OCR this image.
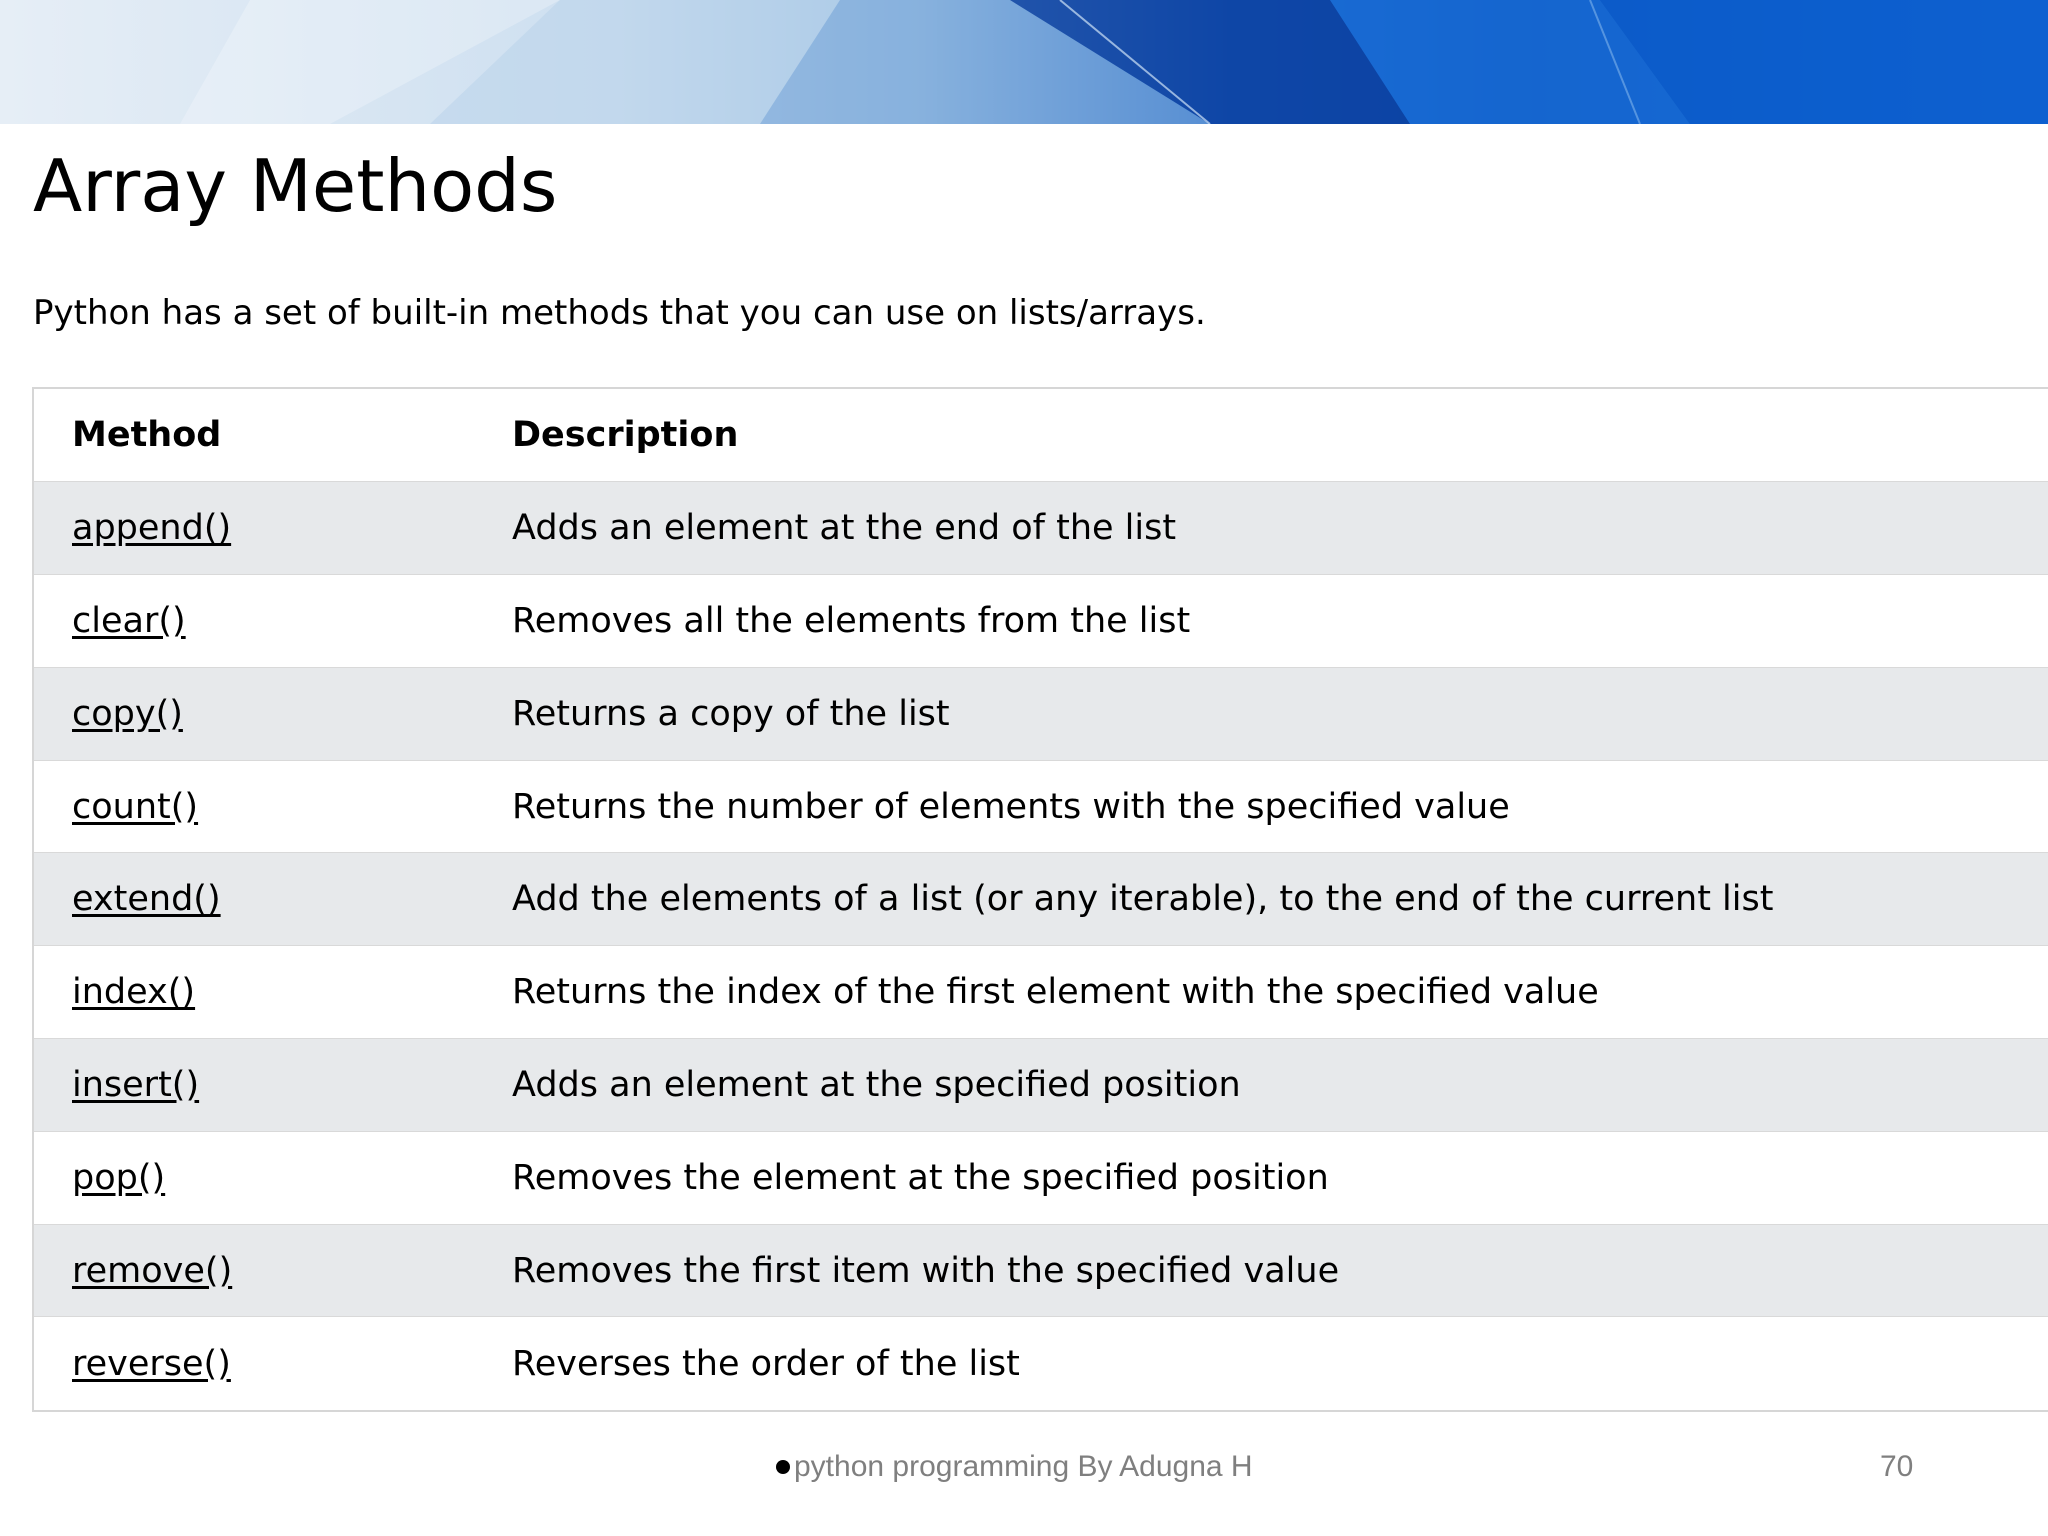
Array Methods

Python has a set of built-in methods that you can use on lists/arrays.

Method	Description
append()	Adds an element at the end of the list
clear()	Removes all the elements from the list
copy()	Returns a copy of the list
count()	Returns the number of elements with the specified value
extend()	Add the elements of a list (or any iterable), to the end of the current list
index()	Returns the index of the first element with the specified value
insert()	Adds an element at the specified position
pop()	Removes the element at the specified position
remove()	Removes the first item with the specified value
reverse()	Reverses the order of the list
python programming By Adugna H	70
